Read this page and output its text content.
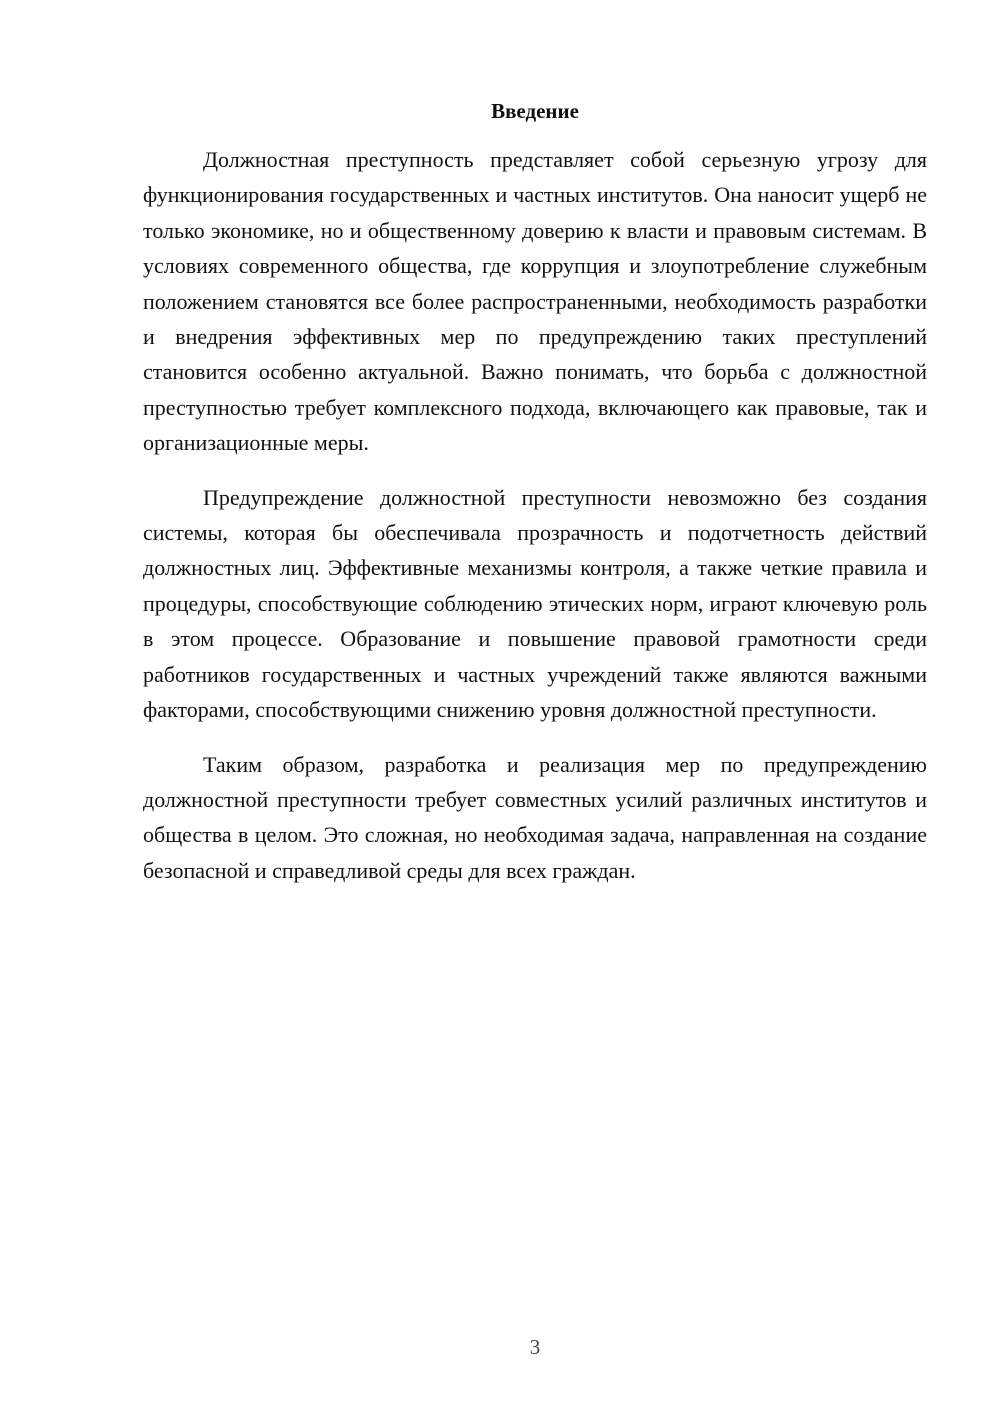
Введение

Должностная преступность представляет собой серьезную угрозу для функционирования государственных и частных институтов. Она наносит ущерб не только экономике, но и общественному доверию к власти и правовым системам. В условиях современного общества, где коррупция и злоупотребление служебным положением становятся все более распространенными, необходимость разработки и внедрения эффективных мер по предупреждению таких преступлений становится особенно актуальной. Важно понимать, что борьба с должностной преступностью требует комплексного подхода, включающего как правовые, так и организационные меры.

Предупреждение должностной преступности невозможно без создания системы, которая бы обеспечивала прозрачность и подотчетность действий должностных лиц. Эффективные механизмы контроля, а также четкие правила и процедуры, способствующие соблюдению этических норм, играют ключевую роль в этом процессе. Образование и повышение правовой грамотности среди работников государственных и частных учреждений также являются важными факторами, способствующими снижению уровня должностной преступности.

Таким образом, разработка и реализация мер по предупреждению должностной преступности требует совместных усилий различных институтов и общества в целом. Это сложная, но необходимая задача, направленная на создание безопасной и справедливой среды для всех граждан.

3
